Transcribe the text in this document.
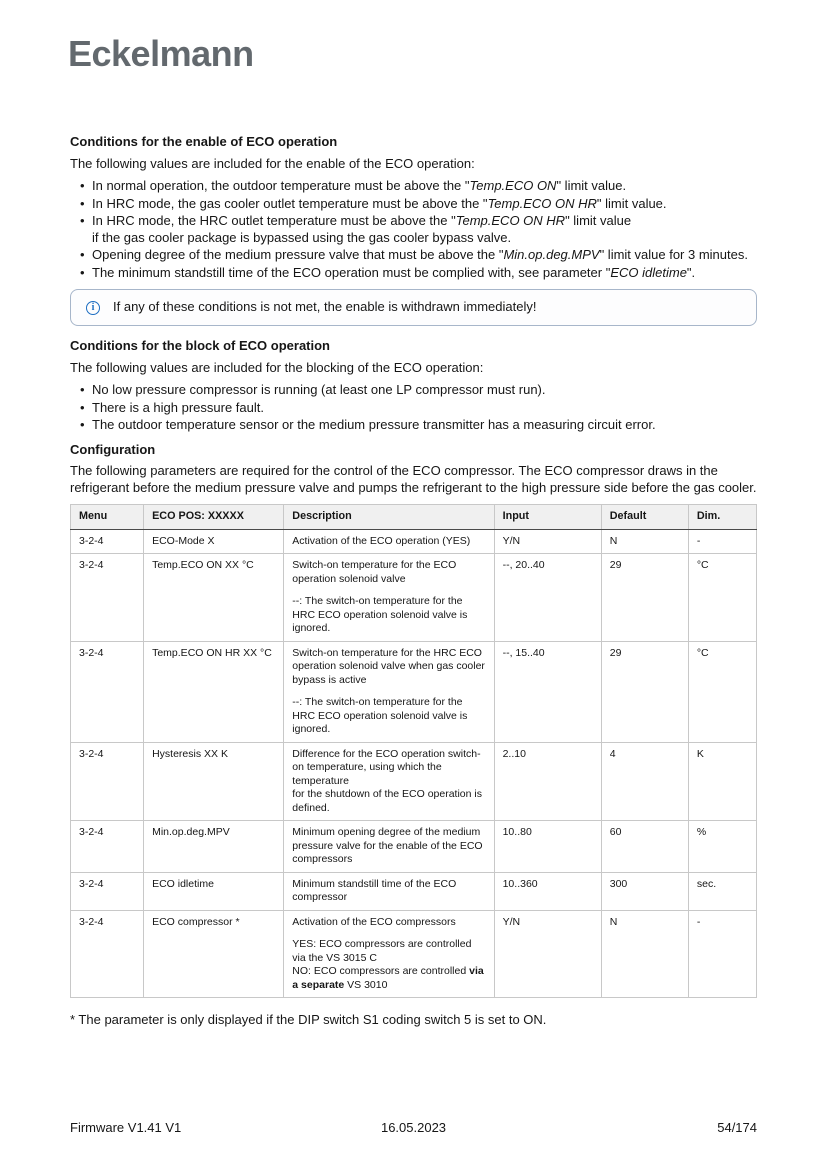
Eckelmann
Conditions for the enable of ECO operation

The following values are included for the enable of the ECO operation:

• In normal operation, the outdoor temperature must be above the "Temp.ECO ON" limit value.
• In HRC mode, the gas cooler outlet temperature must be above the "Temp.ECO ON HR" limit value.
• In HRC mode, the HRC outlet temperature must be above the "Temp.ECO ON HR" limit value
if the gas cooler package is bypassed using the gas cooler bypass valve.
• Opening degree of the medium pressure valve that must be above the "Min.op.deg.MPV" limit value for 3 minutes.
• The minimum standstill time of the ECO operation must be complied with, see parameter "ECO idletime".
i	If any of these conditions is not met, the enable is withdrawn immediately!
Conditions for the block of ECO operation

The following values are included for the blocking of the ECO operation:

• No low pressure compressor is running (at least one LP compressor must run).
• There is a high pressure fault.
• The outdoor temperature sensor or the medium pressure transmitter has a measuring circuit error.
Configuration

The following parameters are required for the control of the ECO compressor. The ECO compressor draws in the refrigerant before the medium pressure valve and pumps the refrigerant to the high pressure side before the gas cooler.

Menu	ECO POS: XXXXX	Description	Input	Default	Dim.
3-2-4	ECO-Mode X	Activation of the ECO operation (YES)	Y/N	N	-
3-2-4	Temp.ECO ON XX °C	Switch-on temperature for the ECO operation solenoid valve

--: The switch-on temperature for the HRC ECO operation solenoid valve is ignored.	--, 20..40	29	°C
3-2-4	Temp.ECO ON HR XX °C	Switch-on temperature for the HRC ECO operation solenoid valve when gas cooler bypass is active

--: The switch-on temperature for the HRC ECO operation solenoid valve is ignored.	--, 15..40	29	°C
3-2-4	Hysteresis XX K	Difference for the ECO operation switch-on temperature, using which the temperature
for the shutdown of the ECO operation is defined.	2..10	4	K
3-2-4	Min.op.deg.MPV	Minimum opening degree of the medium pressure valve for the enable of the ECO compressors	10..80	60	%
3-2-4	ECO idletime	Minimum standstill time of the ECO compressor	10..360	300	sec.
3-2-4	ECO compressor *	Activation of the ECO compressors

YES: ECO compressors are controlled via the VS 3015 C
NO: ECO compressors are controlled via a separate VS 3010	Y/N	N	-

* The parameter is only displayed if the DIP switch S1 coding switch 5 is set to ON.

Firmware V1.41 V1	16.05.2023	54/174
